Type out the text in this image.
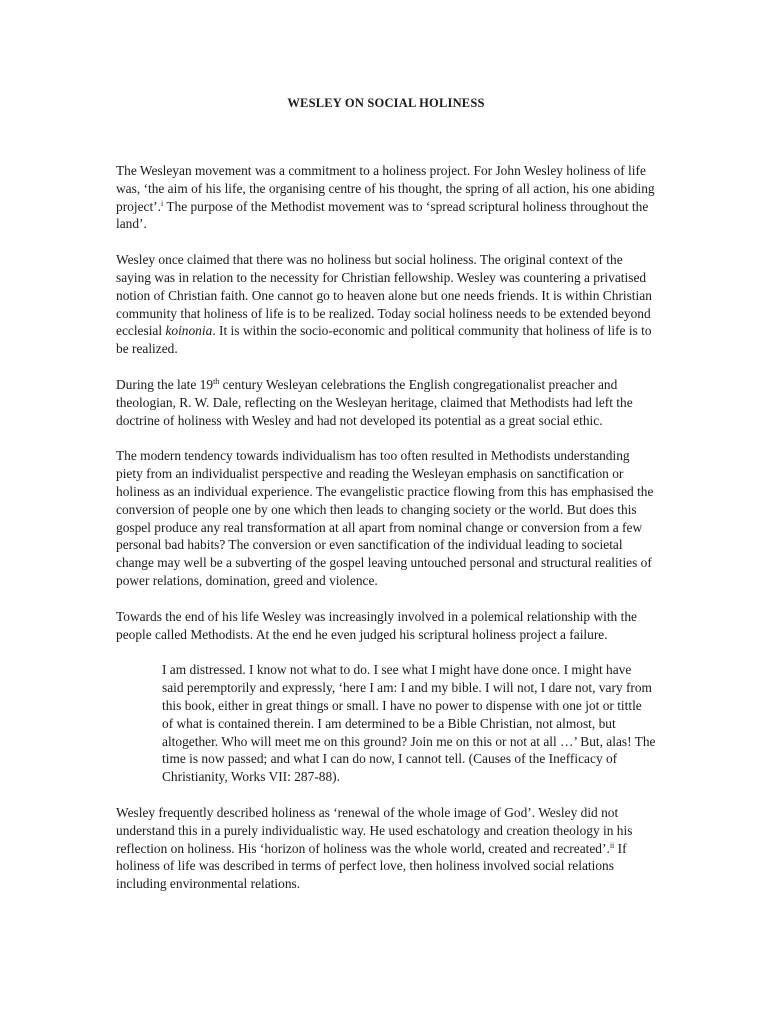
WESLEY ON SOCIAL HOLINESS

The Wesleyan movement was a commitment to a holiness project. For John Wesley holiness of life was, ‘the aim of his life, the organising centre of his thought, the spring of all action, his one abiding project’.$^i$ The purpose of the Methodist movement was to ‘spread scriptural holiness throughout the land’.

Wesley once claimed that there was no holiness but social holiness. The original context of the saying was in relation to the necessity for Christian fellowship. Wesley was countering a privatised notion of Christian faith. One cannot go to heaven alone but one needs friends. It is within Christian community that holiness of life is to be realized. Today social holiness needs to be extended beyond ecclesial koinonia. It is within the socio-economic and political community that holiness of life is to be realized.

During the late 19th century Wesleyan celebrations the English congregationalist preacher and theologian, R. W. Dale, reflecting on the Wesleyan heritage, claimed that Methodists had left the doctrine of holiness with Wesley and had not developed its potential as a great social ethic.

The modern tendency towards individualism has too often resulted in Methodists understanding piety from an individualist perspective and reading the Wesleyan emphasis on sanctification or holiness as an individual experience. The evangelistic practice flowing from this has emphasised the conversion of people one by one which then leads to changing society or the world. But does this gospel produce any real transformation at all apart from nominal change or conversion from a few personal bad habits? The conversion or even sanctification of the individual leading to societal change may well be a subverting of the gospel leaving untouched personal and structural realities of power relations, domination, greed and violence.

Towards the end of his life Wesley was increasingly involved in a polemical relationship with the people called Methodists. At the end he even judged his scriptural holiness project a failure.

I am distressed. I know not what to do. I see what I might have done once. I might have said peremptorily and expressly, ‘here I am: I and my bible. I will not, I dare not, vary from this book, either in great things or small. I have no power to dispense with one jot or tittle of what is contained therein. I am determined to be a Bible Christian, not almost, but altogether. Who will meet me on this ground? Join me on this or not at all …’ But, alas! The time is now passed; and what I can do now, I cannot tell. (Causes of the Inefficacy of Christianity, Works VII: 287-88).

Wesley frequently described holiness as ‘renewal of the whole image of God’. Wesley did not understand this in a purely individualistic way. He used eschatology and creation theology in his reflection on holiness. His ‘horizon of holiness was the whole world, created and recreated’.$^{ii}$ If holiness of life was described in terms of perfect love, then holiness involved social relations including environmental relations.
